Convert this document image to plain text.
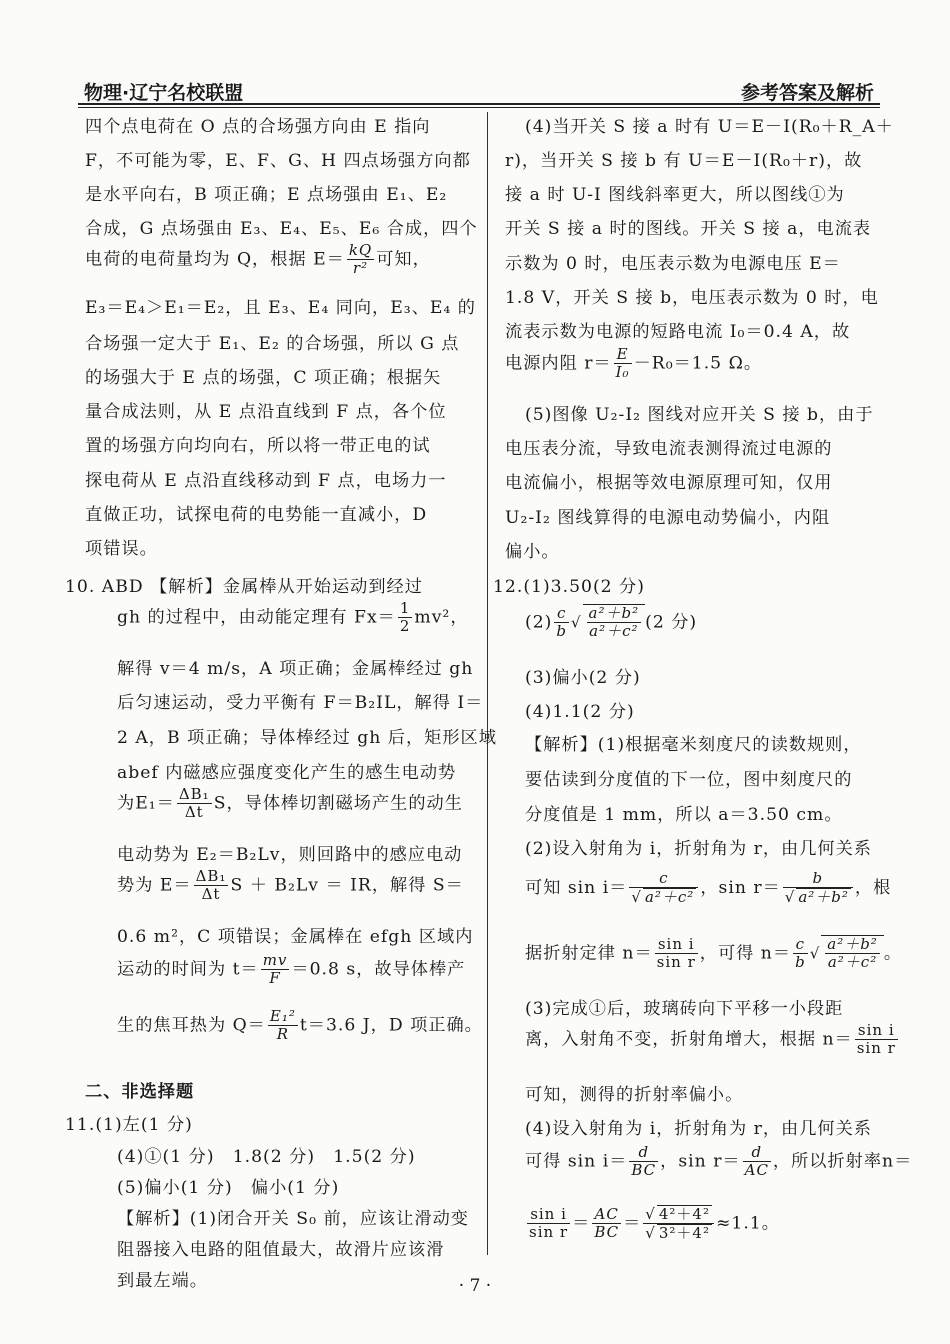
物理·辽宁名校联盟	参考答案及解析
四个点电荷在 O 点的合场强方向由 E 指向
F，不可能为零，E、F、G、H 四点场强方向都
是水平向右，B 项正确；E 点场强由 E₁、E₂
合成，G 点场强由 E₃、E₄、E₅、E₆ 合成，四个
电荷的电荷量均为 Q，根据 $E= \frac{kQ}{\text{r²}}$ 可知，
E₃＝E₄＞E₁＝E₂，且 E₃、E₄ 同向，E₃、E₄ 的
合场强一定大于 E₁、E₂ 的合场强，所以 G 点
的场强大于 E 点的场强，C 项正确；根据矢
量合成法则，从 E 点沿直线到 F 点，各个位
置的场强方向均向右，所以将一带正电的试
探电荷从 E 点沿直线移动到 F 点，电场力一
直做正功，试探电荷的电势能一直减小，D
项错误。
10. ABD 【解析】金属棒从开始运动到经过
gh 的过程中，由动能定理有 $Fx= \frac{1}{2} mv^2$，
解得 v＝4 m/s，A 项正确；金属棒经过 gh
后匀速运动，受力平衡有 F＝B₂IL，解得 I＝
2 A，B 项正确；导体棒经过 gh 后，矩形区域
abef 内磁感应强度变化产生的感生电动势
为$E_1= \frac{\text{ΔB₁}}{\Delta t}$ S，导体棒切割磁场产生的动生
电动势为 E₂＝B₂Lv，则回路中的感应电动
势为 $E= \frac{\text{ΔB₁}}{\Delta t}$ S ＋ B₂Lv ＝ IR，解得 S＝
0.6 m²，C 项错误；金属棒在 efgh 区域内
运动的时间为 $t= \frac{mv}{F} =0.8$ s，故导体棒产
生的焦耳热为 $Q= \frac{\text{E₁²}}{R} t=3.6$ J，D 项正确。
二、非选择题
11.(1)左(1 分)
(4)①(1 分)　1.8(2 分)　1.5(2 分)
(5)偏小(1 分)　偏小(1 分)
【解析】(1)闭合开关 S₀ 前，应该让滑动变
阻器接入电路的阻值最大，故滑片应该滑
到最左端。
(4)当开关 S 接 a 时有 U＝E－I(R₀＋R_A＋
r)，当开关 S 接 b 有 U＝E－I(R₀＋r)，故
接 a 时 U-I 图线斜率更大，所以图线①为
开关 S 接 a 时的图线。开关 S 接 a，电流表
示数为 0 时，电压表示数为电源电压 E＝
1.8 V，开关 S 接 b，电压表示数为 0 时，电
流表示数为电源的短路电流 I₀＝0.4 A，故
电源内阻 $r= \frac{E}{\text{I₀}} -R_0=1.5$ Ω。
(5)图像 U₂-I₂ 图线对应开关 S 接 b，由于
电压表分流，导致电流表测得流过电源的
电流偏小，根据等效电源原理可知，仅用
U₂-I₂ 图线算得的电源电动势偏小，内阻
偏小。
12.(1)3.50(2 分)
$(2) \frac{c}{b}$ √ $\frac{\text{a²＋b²}}{\text{a²＋c²}} (2$ 分)
(3)偏小(2 分)
(4)1.1(2 分)
【解析】(1)根据毫米刻度尺的读数规则，
要估读到分度值的下一位，图中刻度尺的
分度值是 1 mm，所以 a＝3.50 cm。
(2)设入射角为 i，折射角为 r，由几何关系
可知 $\sin i= \frac{c}{\text{√ a²＋c²}}$ ，$\sin r= \frac{b}{\text{√ a²＋b²}}$ ，根
据折射定律 $n= \frac{\text{sin i}}{\text{sin r}}$ ，可得 $n= \frac{c}{b}$ √ $\frac{\text{a²＋b²}}{\text{a²＋c²}}$ 。
(3)完成①后，玻璃砖向下平移一小段距
离，入射角不变，折射角增大，根据 $n= \frac{\text{sin i}}{\text{sin r}}$
可知，测得的折射率偏小。
(4)设入射角为 i，折射角为 r，由几何关系
可得 $\sin i= \frac{d}{BC}$ ，$\sin r= \frac{d}{AC}$ ，所以折射率n＝
$\frac{\text{sin i}}{\text{sin r}} = \frac{AC}{BC} = \frac{\text{√ 4²＋4²}}{\text{√ 3²＋4²}} \approx 1.1$。
· 7 ·
